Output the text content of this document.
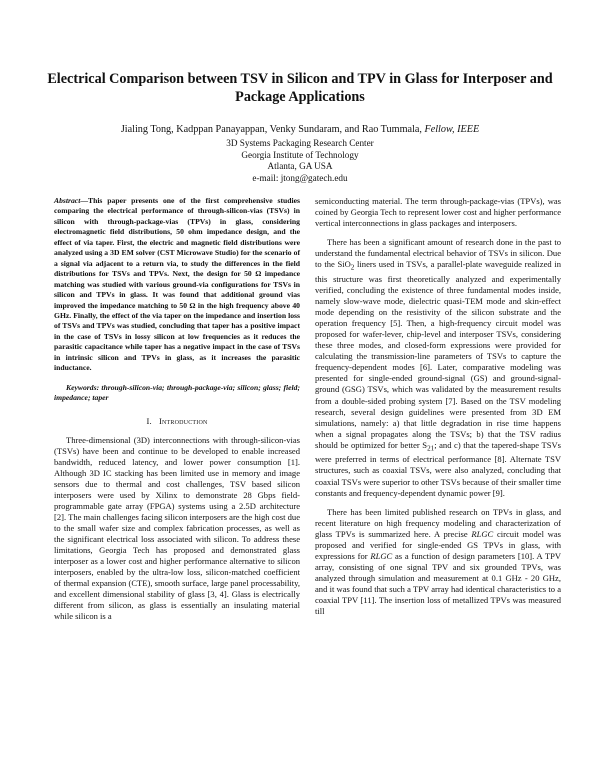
Electrical Comparison between TSV in Silicon and TPV in Glass for Interposer and Package Applications
Jialing Tong, Kadppan Panayappan, Venky Sundaram, and Rao Tummala, Fellow, IEEE
3D Systems Packaging Research Center
Georgia Institute of Technology
Atlanta, GA USA
e-mail: jtong@gatech.edu
Abstract—This paper presents one of the first comprehensive studies comparing the electrical performance of through-silicon-vias (TSVs) in silicon with through-package-vias (TPVs) in glass, considering electromagnetic field distributions, 50 ohm impedance design, and the effect of via taper. First, the electric and magnetic field distributions were analyzed using a 3D EM solver (CST Microwave Studio) for the scenario of a signal via adjacent to a return via, to study the differences in the field distributions for TSVs and TPVs. Next, the design for 50 Ω impedance matching was studied with various ground-via configurations for TSVs in silicon and TPVs in glass. It was found that additional ground vias improved the impedance matching to 50 Ω in the high frequency above 40 GHz. Finally, the effect of the via taper on the impedance and insertion loss of TSVs and TPVs was studied, concluding that taper has a positive impact in the case of TSVs in lossy silicon at low frequencies as it reduces the parasitic capacitance while taper has a negative impact in the case of TSVs in intrinsic silicon and TPVs in glass, as it increases the parasitic inductance.
Keywords: through-silicon-via; through-package-via; silicon; glass; field; impedance; taper
I. Introduction

Three-dimensional (3D) interconnections with through-silicon-vias (TSVs) have been and continue to be developed to enable increased bandwidth, reduced latency, and lower power consumption [1]. Although 3D IC stacking has been limited use in memory and image sensors due to thermal and cost challenges, TSV based silicon interposers were used by Xilinx to demonstrate 28 Gbps field-programmable gate array (FPGA) systems using a 2.5D architecture [2]. The main challenges facing silicon interposers are the high cost due to the small wafer size and complex fabrication processes, as well as the significant electrical loss associated with silicon. To address these limitations, Georgia Tech has proposed and demonstrated glass interposer as a lower cost and higher performance alternative to silicon interposers, enabled by the ultra-low loss, silicon-matched coefficient of thermal expansion (CTE), smooth surface, large panel processability, and excellent dimensional stability of glass [3, 4]. Glass is electrically different from silicon, as glass is essentially an insulating material while silicon is a

semiconducting material. The term through-package-vias (TPVs), was coined by Georgia Tech to represent lower cost and higher performance vertical interconnections in glass packages and interposers.

There has been a significant amount of research done in the past to understand the fundamental electrical behavior of TSVs in silicon. Due to the SiO$_2$ liners used in TSVs, a parallel-plate waveguide realized in this structure was first theoretically analyzed and experimentally verified, concluding the existence of three fundamental modes inside, namely slow-wave mode, dielectric quasi-TEM mode and skin-effect mode depending on the resistivity of the silicon substrate and the operation frequency [5]. Then, a high-frequency circuit model was proposed for wafer-lever, chip-level and interposer TSVs, considering these three modes, and closed-form expressions were provided for calculating the transmission-line parameters of TSVs to capture the frequency-dependent modes [6]. Later, comparative modeling was presented for single-ended ground-signal (GS) and ground-signal-ground (GSG) TSVs, which was validated by the measurement results from a double-sided probing system [7]. Based on the TSV modeling research, several design guidelines were presented from 3D EM simulations, namely: a) that little degradation in rise time happens when a signal propagates along the TSVs; b) that the TSV radius should be optimized for better $S_{21}$; and c) that the tapered-shape TSVs were preferred in terms of electrical performance [8]. Alternate TSV structures, such as coaxial TSVs, were also analyzed, concluding that coaxial TSVs were superior to other TSVs because of their smaller time constants and frequency-dependent dynamic power [9].

There has been limited published research on TPVs in glass, and recent literature on high frequency modeling and characterization of glass TPVs is summarized here. A precise RLGC circuit model was proposed and verified for single-ended GS TPVs in glass, with expressions for RLGC as a function of design parameters [10]. A TPV array, consisting of one signal TPV and six grounded TPVs, was analyzed through simulation and measurement at 0.1 GHz - 20 GHz, and it was found that such a TPV array had identical characteristics to a coaxial TPV [11]. The insertion loss of metallized TPVs was measured till
